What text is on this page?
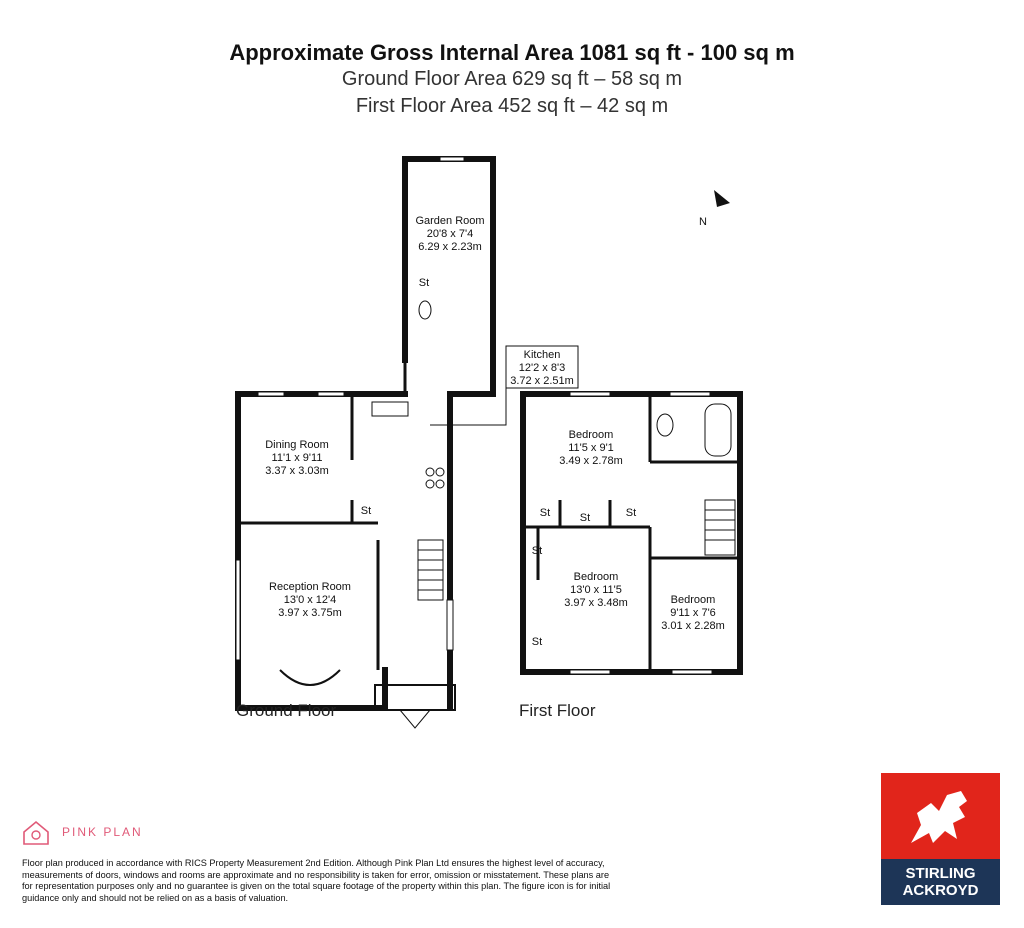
Approximate Gross Internal Area 1081 sq ft - 100 sq m
Ground Floor Area 629 sq ft – 58 sq m
First Floor Area 452 sq ft – 42 sq m
N
Garden Room
20'8 x 7'4
6.29 x 2.23m
St
Kitchen
12'2 x 8'3
3.72 x 2.51m
Dining Room
11'1 x 9'11
3.37 x 3.03m
St
Reception Room
13'0 x 12'4
3.97 x 3.75m
Bedroom
11'5 x 9'1
3.49 x 2.78m
Bedroom
13'0 x 11'5
3.97 x 3.48m	Bedroom
9'11 x 7'6
3.01 x 2.28m
St	St	St
St
St
Ground Floor	First Floor
PINK PLAN
Floor plan produced in accordance with RICS Property Measurement 2nd Edition. Although Pink Plan Ltd ensures the highest level of accuracy, measurements of doors, windows and rooms are approximate and no responsibility is taken for error, omission or misstatement. These plans are for representation purposes only and no guarantee is given on the total square footage of the property within this plan. The figure icon is for initial guidance only and should not be relied on as a basis of valuation.
STIRLING
ACKROYD
